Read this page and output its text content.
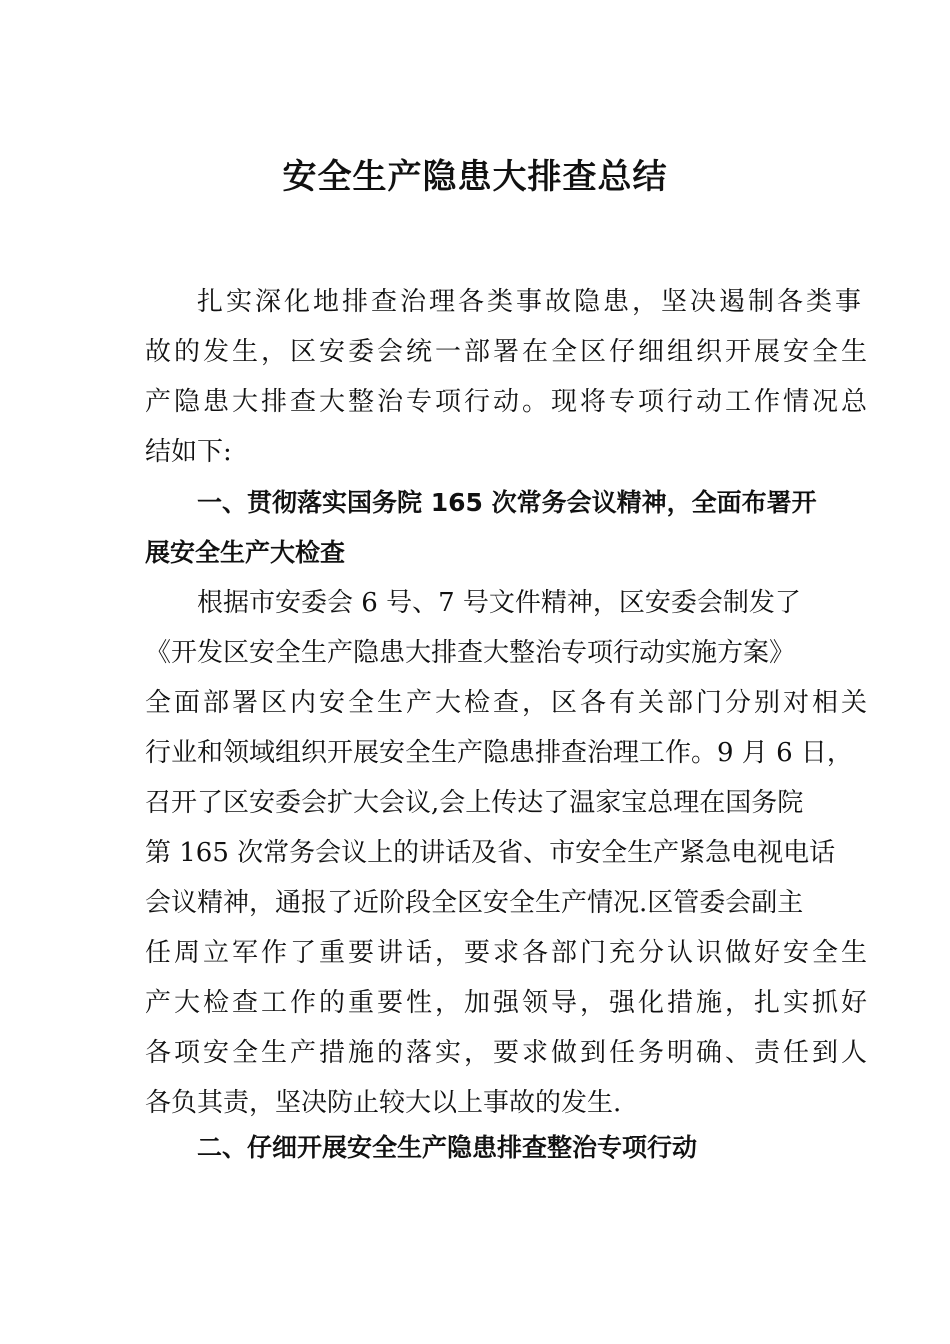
安全生产隐患大排查总结

扎实深化地排查治理各类事故隐患，坚决遏制各类事

故的发生，区安委会统一部署在全区仔细组织开展安全生

产隐患大排查大整治专项行动。现将专项行动工作情况总

结如下:

一、贯彻落实国务院 165 次常务会议精神，全面布署开

展安全生产大检查

根据市安委会 6 号、7 号文件精神，区安委会制发了

《开发区安全生产隐患大排查大整治专项行动实施方案》

全面部署区内安全生产大检查，区各有关部门分别对相关

行业和领域组织开展安全生产隐患排查治理工作。9 月 6 日，

召开了区安委会扩大会议,会上传达了温家宝总理在国务院

第 165 次常务会议上的讲话及省、市安全生产紧急电视电话

会议精神，通报了近阶段全区安全生产情况.区管委会副主

任周立军作了重要讲话，要求各部门充分认识做好安全生

产大检查工作的重要性，加强领导，强化措施，扎实抓好

各项安全生产措施的落实，要求做到任务明确、责任到人

各负其责，坚决防止较大以上事故的发生.

二、仔细开展安全生产隐患排查整治专项行动
